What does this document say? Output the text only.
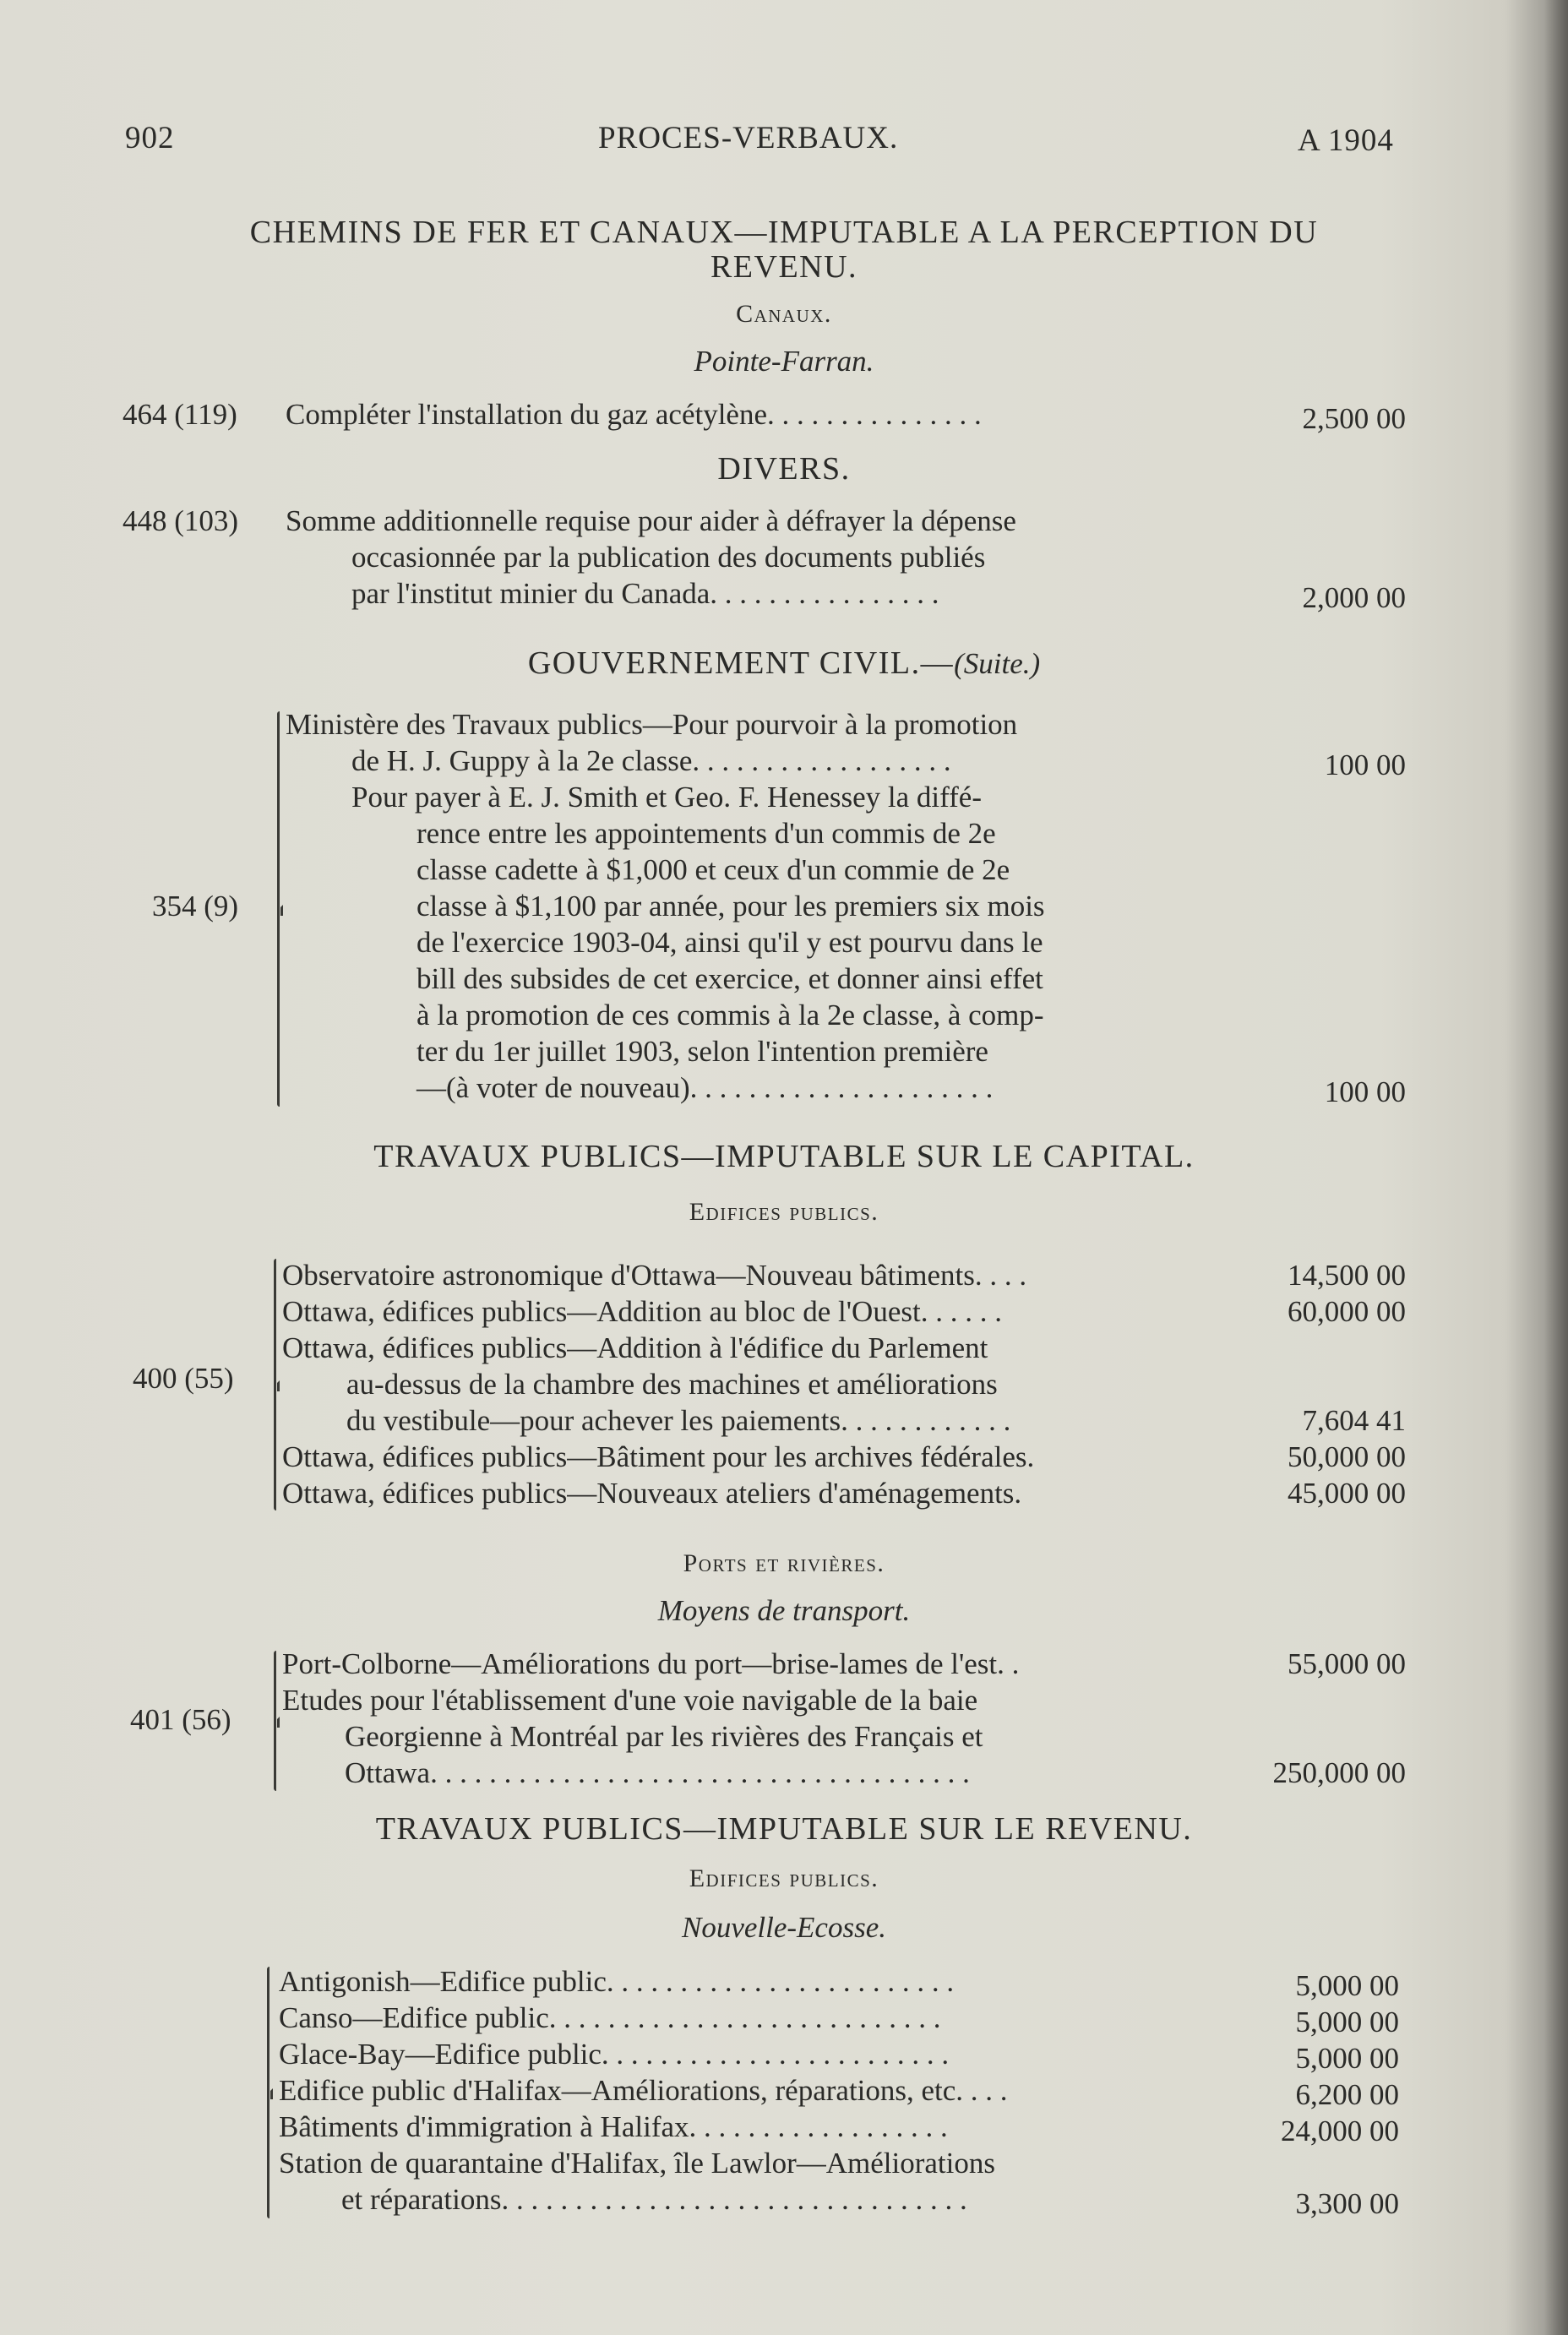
902	PROCES-VERBAUX.	A 1904
CHEMINS DE FER ET CANAUX—IMPUTABLE A LA PERCEPTION DU
REVENU.
Canaux.
Pointe-Farran.
464 (119) Compléter l'installation du gaz acétylène. . . . . . . . . . . . . . .	2,500 00
DIVERS.
448 (103) Somme additionnelle requise pour aider à défrayer la dépense
occasionnée par la publication des documents publiés
par l'institut minier du Canada. . . . . . . . . . . . . . . .	2,000 00
GOUVERNEMENT CIVIL.—(Suite.)
354 (9)
Ministère des Travaux publics—Pour pourvoir à la promotion
de H. J. Guppy à la 2e classe. . . . . . . . . . . . . . . . . .	100 00
Pour payer à E. J. Smith et Geo. F. Henessey la diffé-
rence entre les appointements d'un commis de 2e
classe cadette à $1,000 et ceux d'un commie de 2e
classe à $1,100 par année, pour les premiers six mois
de l'exercice 1903-04, ainsi qu'il y est pourvu dans le
bill des subsides de cet exercice, et donner ainsi effet
à la promotion de ces commis à la 2e classe, à comp-
ter du 1er juillet 1903, selon l'intention première
—(à voter de nouveau). . . . . . . . . . . . . . . . . . . . .	100 00
TRAVAUX PUBLICS—IMPUTABLE SUR LE CAPITAL.
Edifices publics.
400 (55)
Observatoire astronomique d'Ottawa—Nouveau bâtiments. . . .	14,500 00
Ottawa, édifices publics—Addition au bloc de l'Ouest. . . . . .	60,000 00
Ottawa, édifices publics—Addition à l'édifice du Parlement
au-dessus de la chambre des machines et améliorations
du vestibule—pour achever les paiements. . . . . . . . . . . .	7,604 41
Ottawa, édifices publics—Bâtiment pour les archives fédérales.	50,000 00
Ottawa, édifices publics—Nouveaux ateliers d'aménagements.	45,000 00
Ports et rivières.
Moyens de transport.
401 (56)
Port-Colborne—Améliorations du port—brise-lames de l'est. .	55,000 00
Etudes pour l'établissement d'une voie navigable de la baie
Georgienne à Montréal par les rivières des Français et
Ottawa. . . . . . . . . . . . . . . . . . . . . . . . . . . . . . . . . . . . .	250,000 00
TRAVAUX PUBLICS—IMPUTABLE SUR LE REVENU.
Edifices publics.
Nouvelle-Ecosse.
Antigonish—Edifice public. . . . . . . . . . . . . . . . . . . . . . . .	5,000 00
Canso—Edifice public. . . . . . . . . . . . . . . . . . . . . . . . . . .	5,000 00
Glace-Bay—Edifice public. . . . . . . . . . . . . . . . . . . . . . . .	5,000 00
Edifice public d'Halifax—Améliorations, réparations, etc. . . .	6,200 00
Bâtiments d'immigration à Halifax. . . . . . . . . . . . . . . . . .	24,000 00
Station de quarantaine d'Halifax, île Lawlor—Améliorations
et réparations. . . . . . . . . . . . . . . . . . . . . . . . . . . . . . . .	3,300 00
